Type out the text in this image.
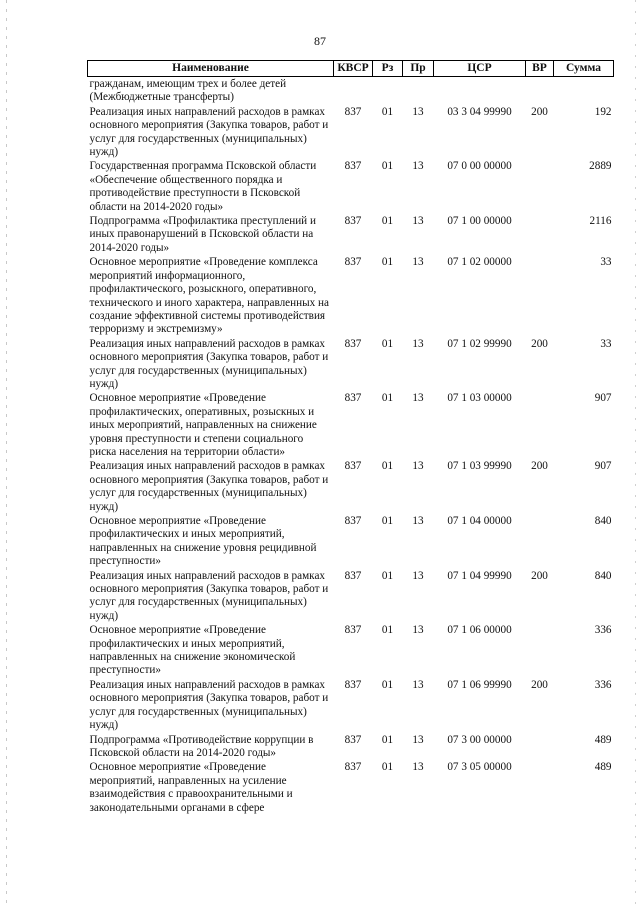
87
Наименование	КВСР	Рз	Пр	ЦСР	ВР	Сумма
гражданам, имеющим трех и более детей (Межбюджетные трансферты)						
Реализация иных направлений расходов в рамках основного мероприятия (Закупка товаров, работ и услуг для государственных (муниципальных) нужд)	837	01	13	03 3 04 99990	200	192
Государственная программа Псковской области «Обеспечение общественного порядка и противодействие преступности в Псковской области на 2014-2020 годы»	837	01	13	07 0 00 00000		2889
Подпрограмма «Профилактика преступлений и иных правонарушений в Псковской области на 2014-2020 годы»	837	01	13	07 1 00 00000		2116
Основное мероприятие «Проведение комплекса мероприятий информационного, профилактического, розыскного, оперативного, технического и иного характера, направленных на создание эффективной системы противодействия терроризму и экстремизму»	837	01	13	07 1 02 00000		33
Реализация иных направлений расходов в рамках основного мероприятия (Закупка товаров, работ и услуг для государственных (муниципальных) нужд)	837	01	13	07 1 02 99990	200	33
Основное мероприятие «Проведение профилактических, оперативных, розыскных и иных мероприятий, направленных на снижение уровня преступности и степени социального риска населения на территории области»	837	01	13	07 1 03 00000		907
Реализация иных направлений расходов в рамках основного мероприятия (Закупка товаров, работ и услуг для государственных (муниципальных) нужд)	837	01	13	07 1 03 99990	200	907
Основное мероприятие «Проведение профилактических и иных мероприятий, направленных на снижение уровня рецидивной преступности»	837	01	13	07 1 04 00000		840
Реализация иных направлений расходов в рамках основного мероприятия (Закупка товаров, работ и услуг для государственных (муниципальных) нужд)	837	01	13	07 1 04 99990	200	840
Основное мероприятие «Проведение профилактических и иных мероприятий, направленных на снижение экономической преступности»	837	01	13	07 1 06 00000		336
Реализация иных направлений расходов в рамках основного мероприятия (Закупка товаров, работ и услуг для государственных (муниципальных) нужд)	837	01	13	07 1 06 99990	200	336
Подпрограмма «Противодействие коррупции в Псковской области на 2014-2020 годы»	837	01	13	07 3 00 00000		489
Основное мероприятие «Проведение мероприятий, направленных на усиление взаимодействия с правоохранительными и законодательными органами в сфере	837	01	13	07 3 05 00000		489
